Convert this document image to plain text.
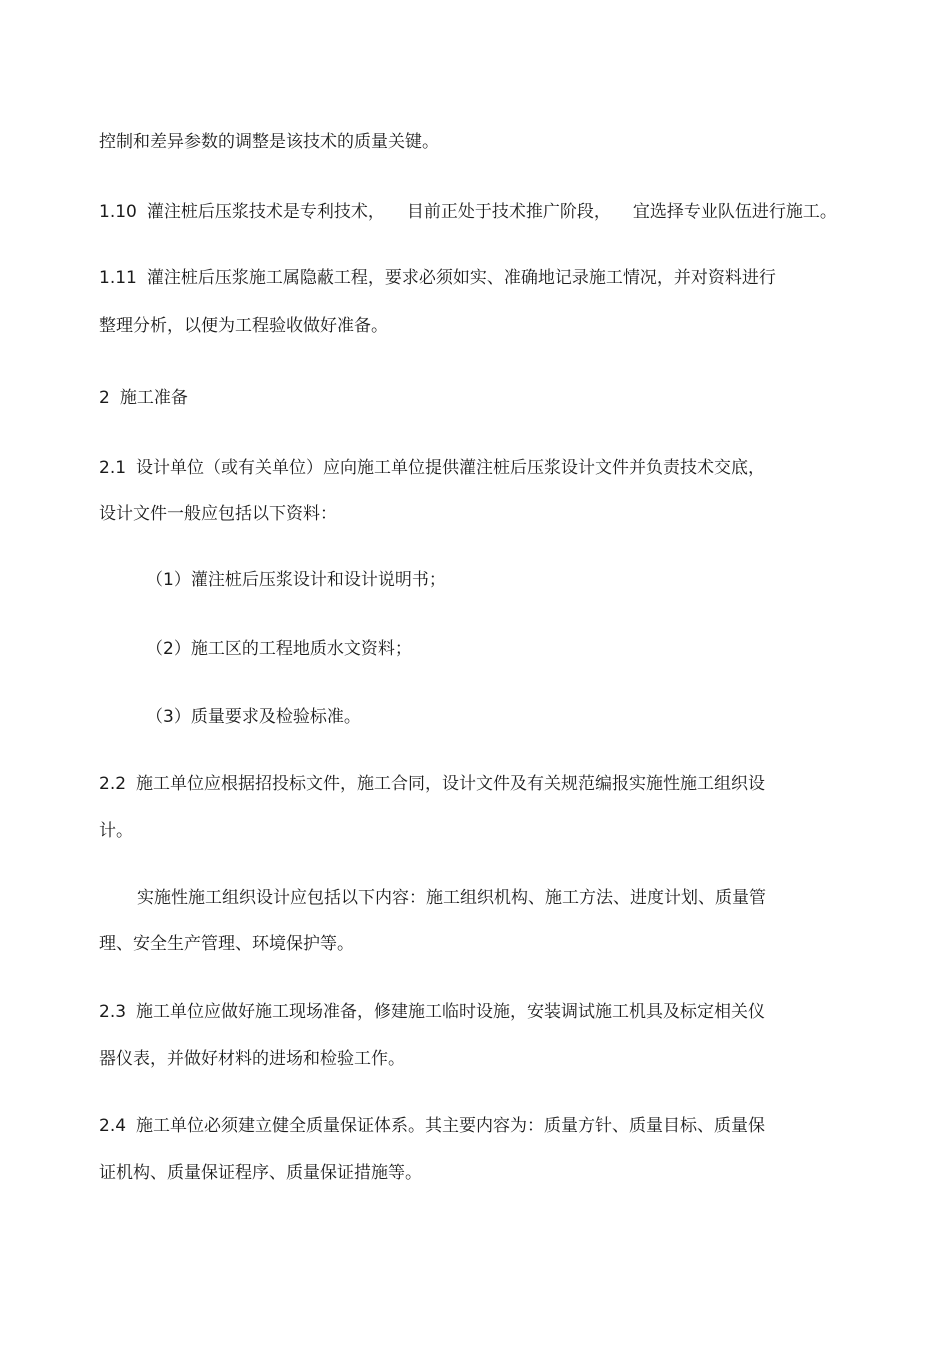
控制和差异参数的调整是该技术的质量关键。
1.10 灌注桩后压浆技术是专利技术， 目前正处于技术推广阶段， 宜选择专业队伍进行施工。
1.11 灌注桩后压浆施工属隐蔽工程，要求必须如实、准确地记录施工情况，并对资料进行
整理分析，以便为工程验收做好准备。
2 施工准备
2.1 设计单位（或有关单位）应向施工单位提供灌注桩后压浆设计文件并负责技术交底，
设计文件一般应包括以下资料：
（1）灌注桩后压浆设计和设计说明书；
（2）施工区的工程地质水文资料；
（3）质量要求及检验标准。
2.2 施工单位应根据招投标文件，施工合同，设计文件及有关规范编报实施性施工组织设
计。
实施性施工组织设计应包括以下内容：施工组织机构、施工方法、进度计划、质量管
理、安全生产管理、环境保护等。
2.3 施工单位应做好施工现场准备，修建施工临时设施，安装调试施工机具及标定相关仪
器仪表，并做好材料的进场和检验工作。
2.4 施工单位必须建立健全质量保证体系。其主要内容为：质量方针、质量目标、质量保
证机构、质量保证程序、质量保证措施等。
